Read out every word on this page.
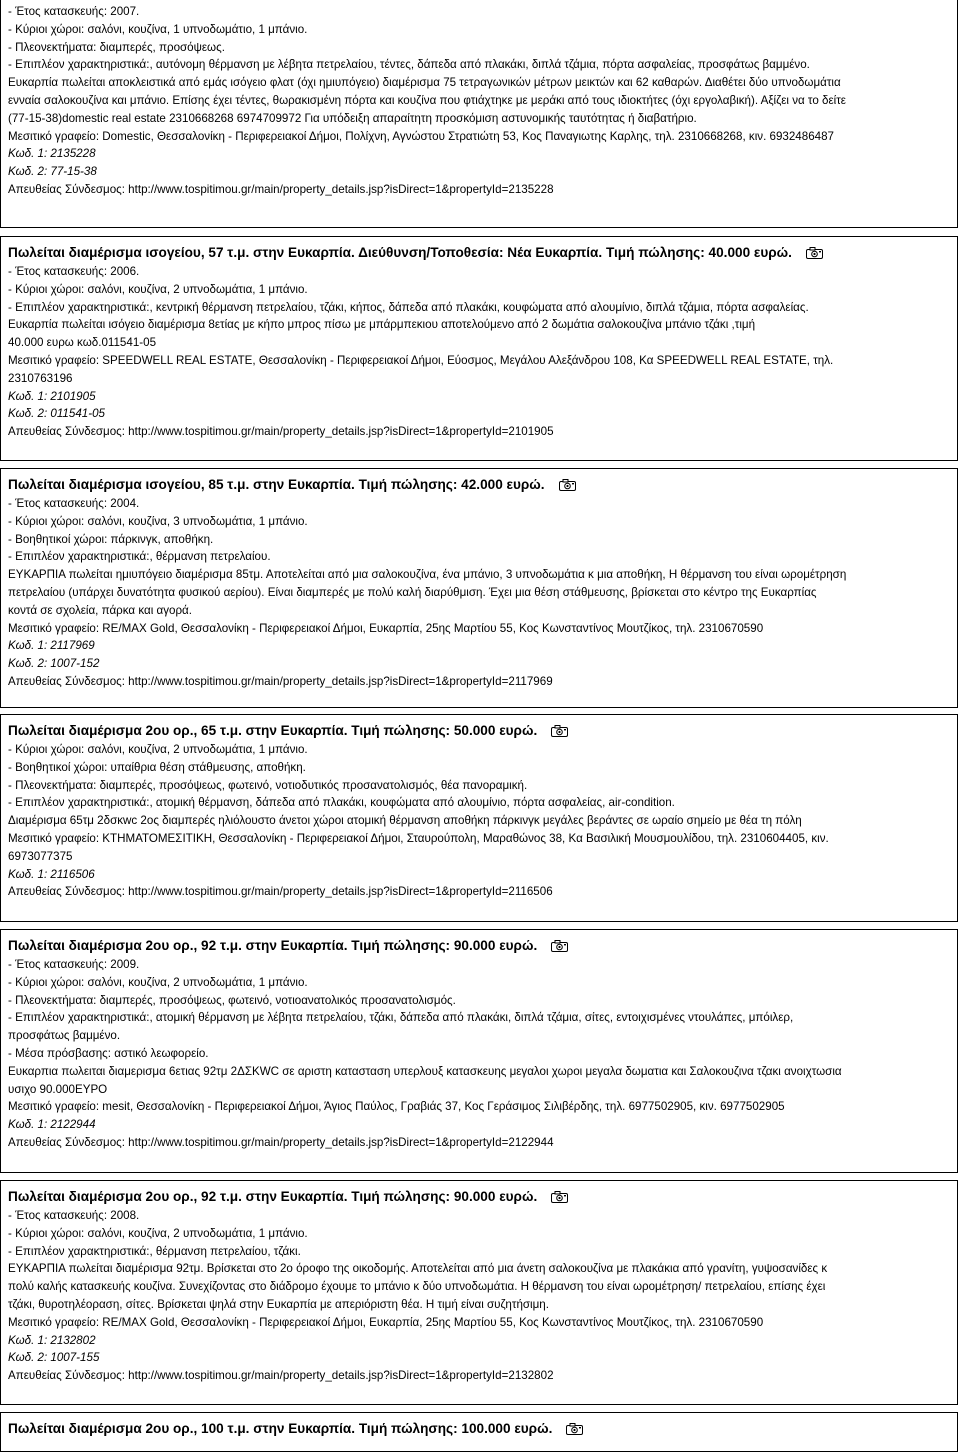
- Έτος κατασκευής: 2007.
- Κύριοι χώροι: σαλόνι, κουζίνα, 1 υπνοδωμάτιο, 1 μπάνιο.
- Πλεονεκτήματα: διαμπερές, προσόψεως.
- Επιπλέον χαρακτηριστικά:, αυτόνομη θέρμανση με λέβητα πετρελαίου, τέντες, δάπεδα από πλακάκι, διπλά τζάμια, πόρτα ασφαλείας, προσφάτως βαμμένο.
Ευκαρπία πωλείται αποκλειστικά από εμάς ισόγειο φλατ (όχι ημιυπόγειο) διαμέρισμα 75 τετραγωνικών μέτρων μεικτών και 62 καθαρών. Διαθέτει δύο υπνοδωμάτια
ενναία σαλοκουζίνα και μπάνιο. Επίσης έχει τέντες, θωρακισμένη πόρτα και κουζίνα που φτιάχτηκε με μεράκι από τους ιδιοκτήτες (όχι εργολαβική). Αξίζει να το δείτε
(77-15-38)domestic real estate 2310668268 6974709972 Για υπόδειξη απαραίτητη προσκόμιση αστυνομικής ταυτότητας ή διαβατήριο.
Μεσιτικό γραφείο: Domestic, Θεσσαλονίκη - Περιφερειακοί Δήμοι, Πολίχνη, Αγνώστου Στρατιώτη 53, Κος Παναγιωτης Καρλης, τηλ. 2310668268, κιν. 6932486487
Κωδ. 1: 2135228
Κωδ. 2: 77-15-38
Απευθείας Σύνδεσμος: http://www.tospitimou.gr/main/property_details.jsp?isDirect=1&propertyId=2135228
Πωλείται διαμέρισμα ισογείου, 57 τ.μ. στην Ευκαρπία. Διεύθυνση/Τοποθεσία: Νέα Ευκαρπία. Τιμή πώλησης: 40.000 ευρώ.
- Έτος κατασκευής: 2006.
- Κύριοι χώροι: σαλόνι, κουζίνα, 2 υπνοδωμάτια, 1 μπάνιο.
- Επιπλέον χαρακτηριστικά:, κεντρική θέρμανση πετρελαίου, τζάκι, κήπος, δάπεδα από πλακάκι, κουφώματα από αλουμίνιο, διπλά τζάμια, πόρτα ασφαλείας.
Ευκαρπία πωλείται ισόγειο διαμέρισμα 8ετίας με κήπο μπρος πίσω με μπάρμπεκιου αποτελούμενο από 2 δωμάτια σαλοκουζίνα μπάνιο τζάκι ,τιμή
40.000 ευρω κωδ.011541-05
Μεσιτικό γραφείο: SPEEDWELL REAL ESTATE, Θεσσαλονίκη - Περιφερειακοί Δήμοι, Εύοσμος, Μεγάλου Αλεξάνδρου 108, Κα SPEEDWELL REAL ESTATE, τηλ.
2310763196
Κωδ. 1: 2101905
Κωδ. 2: 011541-05
Απευθείας Σύνδεσμος: http://www.tospitimou.gr/main/property_details.jsp?isDirect=1&propertyId=2101905
Πωλείται διαμέρισμα ισογείου, 85 τ.μ. στην Ευκαρπία. Τιμή πώλησης: 42.000 ευρώ.
- Έτος κατασκευής: 2004.
- Κύριοι χώροι: σαλόνι, κουζίνα, 3 υπνοδωμάτια, 1 μπάνιο.
- Βοηθητικοί χώροι: πάρκινγκ, αποθήκη.
- Επιπλέον χαρακτηριστικά:, θέρμανση πετρελαίου.
ΕΥΚΑΡΠΙΑ πωλείται ημιυπόγειο διαμέρισμα 85τμ. Αποτελείται από μια σαλοκουζίνα, ένα μπάνιο, 3 υπνοδωμάτια κ μια αποθήκη, Η θέρμανση του είναι ωρομέτρηση
πετρελαίου (υπάρχει δυνατότητα φυσικού αερίου). Είναι διαμπερές με πολύ καλή διαρύθμιση. Έχει μια θέση στάθμευσης, βρίσκεται στο κέντρο της Ευκαρπίας
κοντά σε σχολεία, πάρκα και αγορά.
Μεσιτικό γραφείο: RE/MAX Gold, Θεσσαλονίκη - Περιφερειακοί Δήμοι, Ευκαρπία, 25ης Μαρτίου 55, Κος Κωνσταντίνος Μουτζίκος, τηλ. 2310670590
Κωδ. 1: 2117969
Κωδ. 2: 1007-152
Απευθείας Σύνδεσμος: http://www.tospitimou.gr/main/property_details.jsp?isDirect=1&propertyId=2117969
Πωλείται διαμέρισμα 2ου ορ., 65 τ.μ. στην Ευκαρπία. Τιμή πώλησης: 50.000 ευρώ.
- Κύριοι χώροι: σαλόνι, κουζίνα, 2 υπνοδωμάτια, 1 μπάνιο.
- Βοηθητικοί χώροι: υπαίθρια θέση στάθμευσης, αποθήκη.
- Πλεονεκτήματα: διαμπερές, προσόψεως, φωτεινό, νοτιοδυτικός προσανατολισμός, θέα πανοραμική.
- Επιπλέον χαρακτηριστικά:, ατομική θέρμανση, δάπεδα από πλακάκι, κουφώματα από αλουμίνιο, πόρτα ασφαλείας, air-condition.
Διαμέρισμα 65τμ 2δσκwc 2ος διαμπερές ηλιόλουστο άνετοι χώροι ατομική θέρμανση αποθήκη πάρκινγκ μεγάλες βεράντες σε ωραίο σημείο με θέα τη πόλη
Μεσιτικό γραφείο: ΚΤΗΜΑΤΟΜΕΣΙΤΙΚΗ, Θεσσαλονίκη - Περιφερειακοί Δήμοι, Σταυρούπολη, Μαραθώνος 38, Κα Βασιλική Μουσμουλίδου, τηλ. 2310604405, κιν.
6973077375
Κωδ. 1: 2116506
Απευθείας Σύνδεσμος: http://www.tospitimou.gr/main/property_details.jsp?isDirect=1&propertyId=2116506
Πωλείται διαμέρισμα 2ου ορ., 92 τ.μ. στην Ευκαρπία. Τιμή πώλησης: 90.000 ευρώ.
- Έτος κατασκευής: 2009.
- Κύριοι χώροι: σαλόνι, κουζίνα, 2 υπνοδωμάτια, 1 μπάνιο.
- Πλεονεκτήματα: διαμπερές, προσόψεως, φωτεινό, νοτιοανατολικός προσανατολισμός.
- Επιπλέον χαρακτηριστικά:, ατομική θέρμανση με λέβητα πετρελαίου, τζάκι, δάπεδα από πλακάκι, διπλά τζάμια, σίτες, εντοιχισμένες ντουλάπες, μπόιλερ,
προσφάτως βαμμένο.
- Μέσα πρόσβασης: αστικό λεωφορείο.
Ευκαρπια πωλειται διαμερισμα 6ετιας 92τμ 2ΔΣKWC σε αριστη κατασταση υπερλουξ κατασκευης μεγαλοι χωροι μεγαλα δωματια και Σαλοκουζινα τζακι ανοιχτωσια
υσιχο 90.000ΕΥΡΟ
Μεσιτικό γραφείο: mesit, Θεσσαλονίκη - Περιφερειακοί Δήμοι, Άγιος Παύλος, Γραβιάς 37, Κος Γεράσιμος Σιλιβέρδης, τηλ. 6977502905, κιν. 6977502905
Κωδ. 1: 2122944
Απευθείας Σύνδεσμος: http://www.tospitimou.gr/main/property_details.jsp?isDirect=1&propertyId=2122944
Πωλείται διαμέρισμα 2ου ορ., 92 τ.μ. στην Ευκαρπία. Τιμή πώλησης: 90.000 ευρώ.
- Έτος κατασκευής: 2008.
- Κύριοι χώροι: σαλόνι, κουζίνα, 2 υπνοδωμάτια, 1 μπάνιο.
- Επιπλέον χαρακτηριστικά:, θέρμανση πετρελαίου, τζάκι.
ΕΥΚΑΡΠΙΑ πωλείται διαμέρισμα 92τμ. Βρίσκεται στο 2ο όροφο της οικοδομής. Αποτελείται από μια άνετη σαλοκουζίνα με πλακάκια από γρανίτη, γυψοσανίδες κ
πολύ καλής κατασκευής κουζίνα. Συνεχίζοντας στο διάδρομο έχουμε το μπάνιο κ δύο υπνοδωμάτια. Η θέρμανση του είναι ωρομέτρηση/ πετρελαίου, επίσης έχει
τζάκι, θυροτηλέοραση, σίτες. Βρίσκεται ψηλά στην Ευκαρπία με απεριόριστη θέα. Η τιμή είναι συζητήσιμη.
Μεσιτικό γραφείο: RE/MAX Gold, Θεσσαλονίκη - Περιφερειακοί Δήμοι, Ευκαρπία, 25ης Μαρτίου 55, Κος Κωνσταντίνος Μουτζίκος, τηλ. 2310670590
Κωδ. 1: 2132802
Κωδ. 2: 1007-155
Απευθείας Σύνδεσμος: http://www.tospitimou.gr/main/property_details.jsp?isDirect=1&propertyId=2132802
Πωλείται διαμέρισμα 2ου ορ., 100 τ.μ. στην Ευκαρπία. Τιμή πώλησης: 100.000 ευρώ.
